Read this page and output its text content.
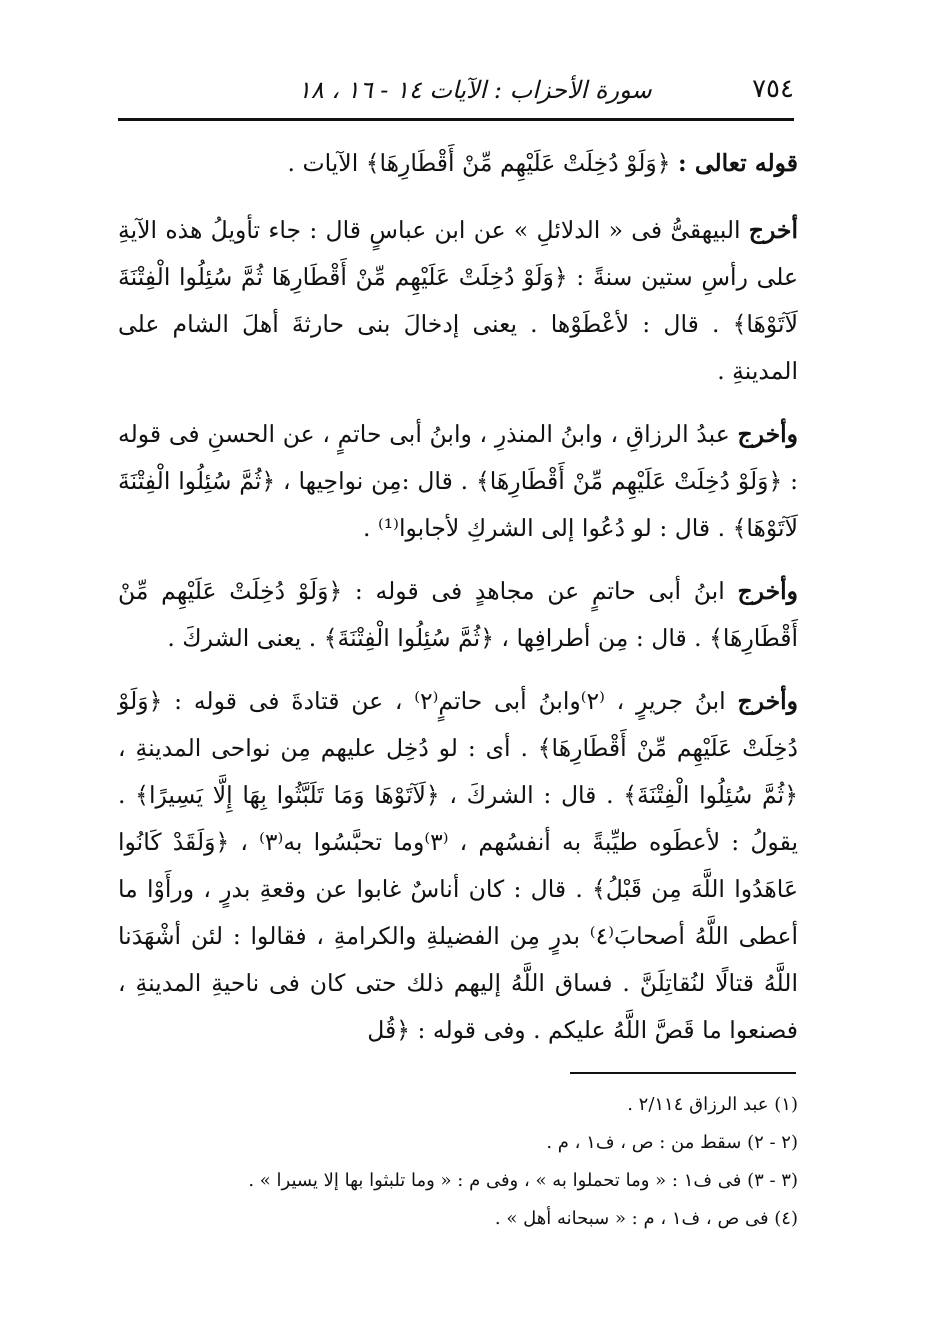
٧٥٤
سورة الأحزاب : الآيات ١٤ - ١٦ ، ١٨

قوله تعالى : ﴿وَلَوْ دُخِلَتْ عَلَيْهِم مِّنْ أَقْطَارِهَا﴾ الآيات .

أخرج البيهقىُّ فى « الدلائلِ » عن ابن عباسٍ قال : جاء تأويلُ هذه الآيةِ على رأسِ ستين سنةً : ﴿وَلَوْ دُخِلَتْ عَلَيْهِم مِّنْ أَقْطَارِهَا ثُمَّ سُئِلُوا الْفِتْنَةَ لَآتَوْهَا﴾ . قال : لأعْطَوْها . يعنى إدخالَ بنى حارثةَ أهلَ الشام على المدينةِ .

وأخرج عبدُ الرزاقِ ، وابنُ المنذرِ ، وابنُ أبى حاتمٍ ، عن الحسنِ فى قوله : ﴿وَلَوْ دُخِلَتْ عَلَيْهِم مِّنْ أَقْطَارِهَا﴾ . قال :مِن نواحِيها ، ﴿ثُمَّ سُئِلُوا الْفِتْنَةَ لَآتَوْهَا﴾ . قال : لو دُعُوا إلى الشركِ لأجابوا⁽¹⁾ .

وأخرج ابنُ أبى حاتمٍ عن مجاهدٍ فى قوله : ﴿وَلَوْ دُخِلَتْ عَلَيْهِم مِّنْ أَقْطَارِهَا﴾ . قال : مِن أطرافِها ، ﴿ثُمَّ سُئِلُوا الْفِتْنَةَ﴾ . يعنى الشركَ .

وأخرج ابنُ جريرٍ ، ⁽٢⁾وابنُ أبى حاتمٍ⁽٢⁾ ، عن قتادةَ فى قوله : ﴿وَلَوْ دُخِلَتْ عَلَيْهِم مِّنْ أَقْطَارِهَا﴾ . أى : لو دُخِل عليهم مِن نواحى المدينةِ ، ﴿ثُمَّ سُئِلُوا الْفِتْنَةَ﴾ . قال : الشركَ ، ﴿لَآتَوْهَا وَمَا تَلَبَّثُوا بِهَا إِلَّا يَسِيرًا﴾ . يقولُ : لأعطَوه طيِّبةً به أنفسُهم ، ⁽٣⁾وما تحبَّسُوا به⁽٣⁾ ، ﴿وَلَقَدْ كَانُوا عَاهَدُوا اللَّهَ مِن قَبْلُ﴾ . قال : كان أناسٌ غابوا عن وقعةِ بدرٍ ، ورأَوْا ما أعطى اللَّهُ أصحابَ⁽٤⁾ بدرٍ مِن الفضيلةِ والكرامةِ ، فقالوا : لئن أشْهَدَنا اللَّهُ قتالًا لنُقاتِلَنَّ . فساق اللَّهُ إليهم ذلك حتى كان فى ناحيةِ المدينةِ ، فصنعوا ما قَصَّ اللَّهُ عليكم . وفى قوله : ﴿قُل

(١) عبد الرزاق ٢/١١٤ .

(٢ - ٢) سقط من : ص ، ف١ ، م .

(٣ - ٣) فى ف١ : « وما تحملوا به » ، وفى م : « وما تلبثوا بها إلا يسيرا » .

(٤) فى ص ، ف١ ، م : « سبحانه أهل » .
